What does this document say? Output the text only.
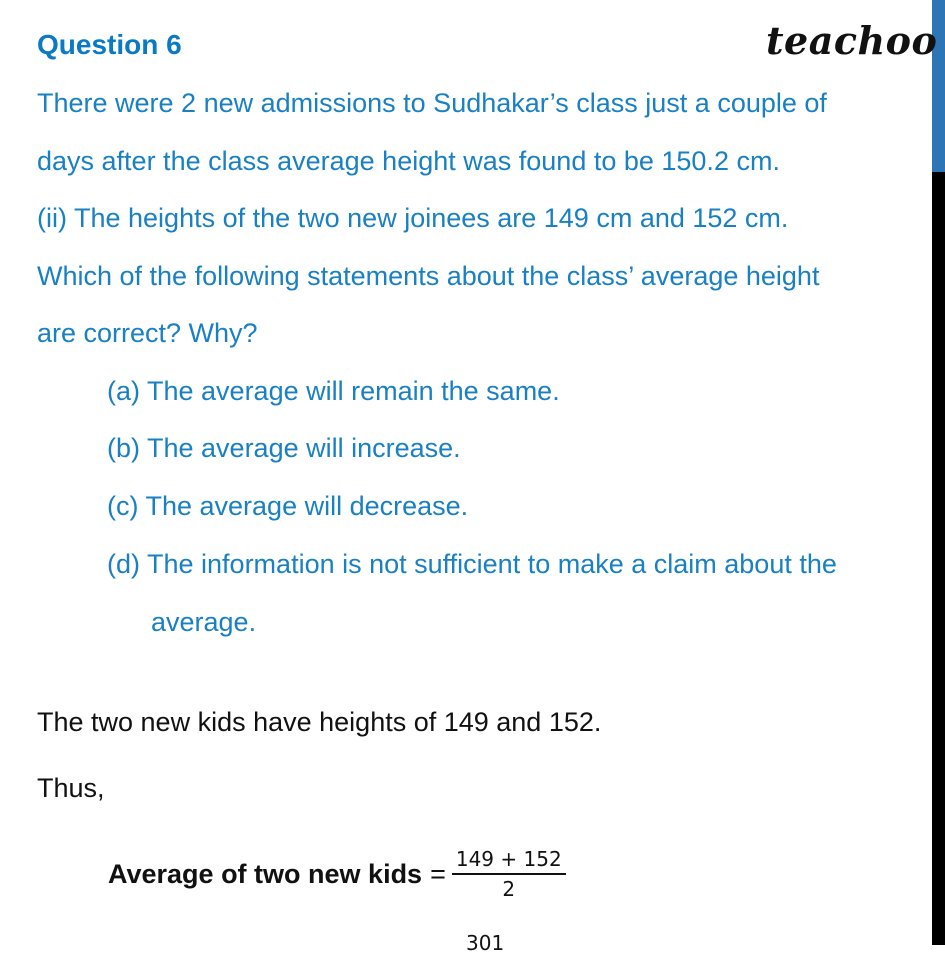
Question 6	teachoo
There were 2 new admissions to Sudhakar’s class just a couple of
days after the class average height was found to be 150.2 cm.
(ii) The heights of the two new joinees are 149 cm and 152 cm.
Which of the following statements about the class’ average height
are correct? Why?
(a) The average will remain the same.
(b) The average will increase.
(c) The average will decrease.
(d) The information is not sufficient to make a claim about the
average.
The two new kids have heights of 149 and 152.
Thus,
Average of two new kids = $\frac{149 + 152}{2}$
301
